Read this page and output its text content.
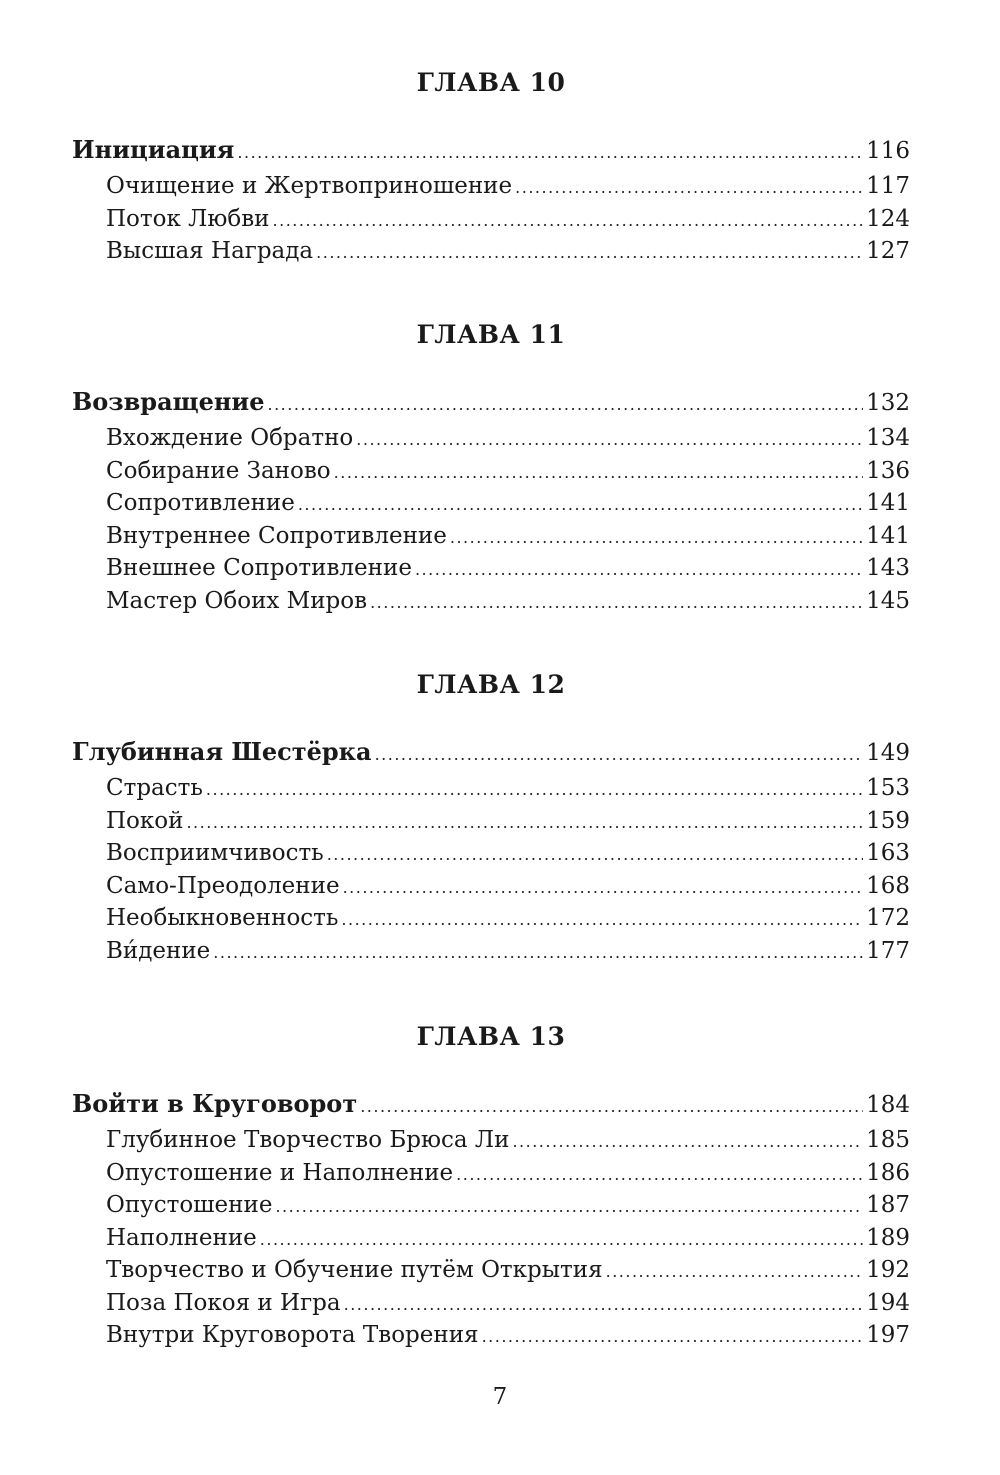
ГЛАВА 10
Инициация .....	116
Очищение и Жертвоприношение .....	117
Поток Любви .....	124
Высшая Награда .....	127
ГЛАВА 11
Возвращение .....	132
Вхождение Обратно .....	134
Собирание Заново .....	136
Сопротивление .....	141
Внутреннее Сопротивление .....	141
Внешнее Сопротивление .....	143
Мастер Обоих Миров .....	145
ГЛАВА 12
Глубинная Шестёрка .....	149
Страсть .....	153
Покой .....	159
Восприимчивость .....	163
Само-Преодоление .....	168
Необыкновенность .....	172
Ви́дение .....	177
ГЛАВА 13
Войти в Круговорот .....	184
Глубинное Творчество Брюса Ли .....	185
Опустошение и Наполнение .....	186
Опустошение .....	187
Наполнение .....	189
Творчество и Обучение путём Открытия .....	192
Поза Покоя и Игра .....	194
Внутри Круговорота Творения .....	197
7
